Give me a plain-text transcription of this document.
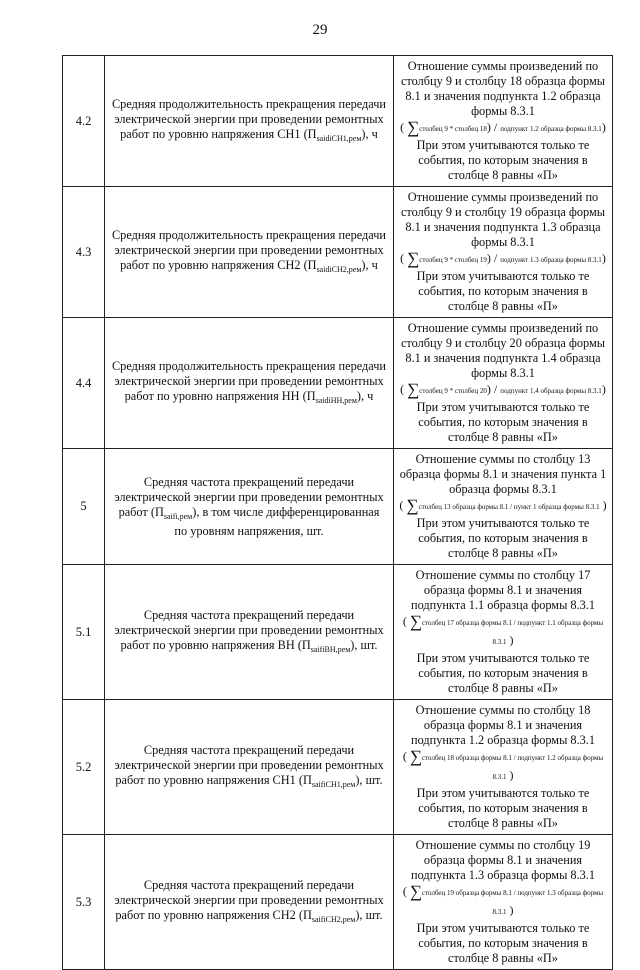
29
4.2	Средняя продолжительность прекращения передачи электрической энергии при проведении ремонтных работ по уровню напряжения СН1 $(П_{saidiСН1,рем})$, ч	Отношение суммы произведений по столбцу 9 и столбцу 18 образца формы 8.1 и значения подпункта 1.2 образца формы 8.3.1
( ∑столбец 9 * столбец 18) / подпункт 1.2 образца формы 8.3.1)
При этом учитываются только те события, по которым значения в столбце 8 равны «П»

4.3	Средняя продолжительность прекращения передачи электрической энергии при проведении ремонтных работ по уровню напряжения СН2 $(П_{saidiСН2,рем})$, ч	Отношение суммы произведений по столбцу 9 и столбцу 19 образца формы 8.1 и значения подпункта 1.3 образца формы 8.3.1
( ∑столбец 9 * столбец 19) / подпункт 1.3 образца формы 8.3.1)
При этом учитываются только те события, по которым значения в столбце 8 равны «П»

4.4	Средняя продолжительность прекращения передачи электрической энергии при проведении ремонтных работ по уровню напряжения НН $(П_{saidiНН,рем})$, ч	Отношение суммы произведений по столбцу 9 и столбцу 20 образца формы 8.1 и значения подпункта 1.4 образца формы 8.3.1
( ∑столбец 9 * столбец 20) / подпункт 1.4 образца формы 8.3.1)
При этом учитываются только те события, по которым значения в столбце 8 равны «П»

5	Средняя частота прекращений передачи электрической энергии при проведении ремонтных работ $(П_{saifi,рем})$, в том числе дифференцированная по уровням напряжения, шт.	Отношение суммы по столбцу 13 образца формы 8.1 и значения пункта 1 образца формы 8.3.1
( ∑столбец 13 образца формы 8.1 / пункт 1 образца формы 8.3.1 )
При этом учитываются только те события, по которым значения в столбце 8 равны «П»

5.1	Средняя частота прекращений передачи электрической энергии при проведении ремонтных работ по уровню напряжения ВН $(П_{saifiВН,рем})$, шт.	Отношение суммы по столбцу 17 образца формы 8.1 и значения подпункта 1.1 образца формы 8.3.1
( ∑столбец 17 образца формы 8.1 / подпункт 1.1 образца формы 8.3.1 )
При этом учитываются только те события, по которым значения в столбце 8 равны «П»

5.2	Средняя частота прекращений передачи электрической энергии при проведении ремонтных работ по уровню напряжения СН1 $(П_{saifiСН1,рем})$, шт.	Отношение суммы по столбцу 18 образца формы 8.1 и значения подпункта 1.2 образца формы 8.3.1
( ∑столбец 18 образца формы 8.1 / подпункт 1.2 образца формы 8.3.1 )
При этом учитываются только те события, по которым значения в столбце 8 равны «П»

5.3	Средняя частота прекращений передачи электрической энергии при проведении ремонтных работ по уровню напряжения СН2 $(П_{saifiСН2,рем})$, шт.	Отношение суммы по столбцу 19 образца формы 8.1 и значения подпункта 1.3 образца формы 8.3.1
( ∑столбец 19 образца формы 8.1 / подпункт 1.3 образца формы 8.3.1 )
При этом учитываются только те события, по которым значения в столбце 8 равны «П»
